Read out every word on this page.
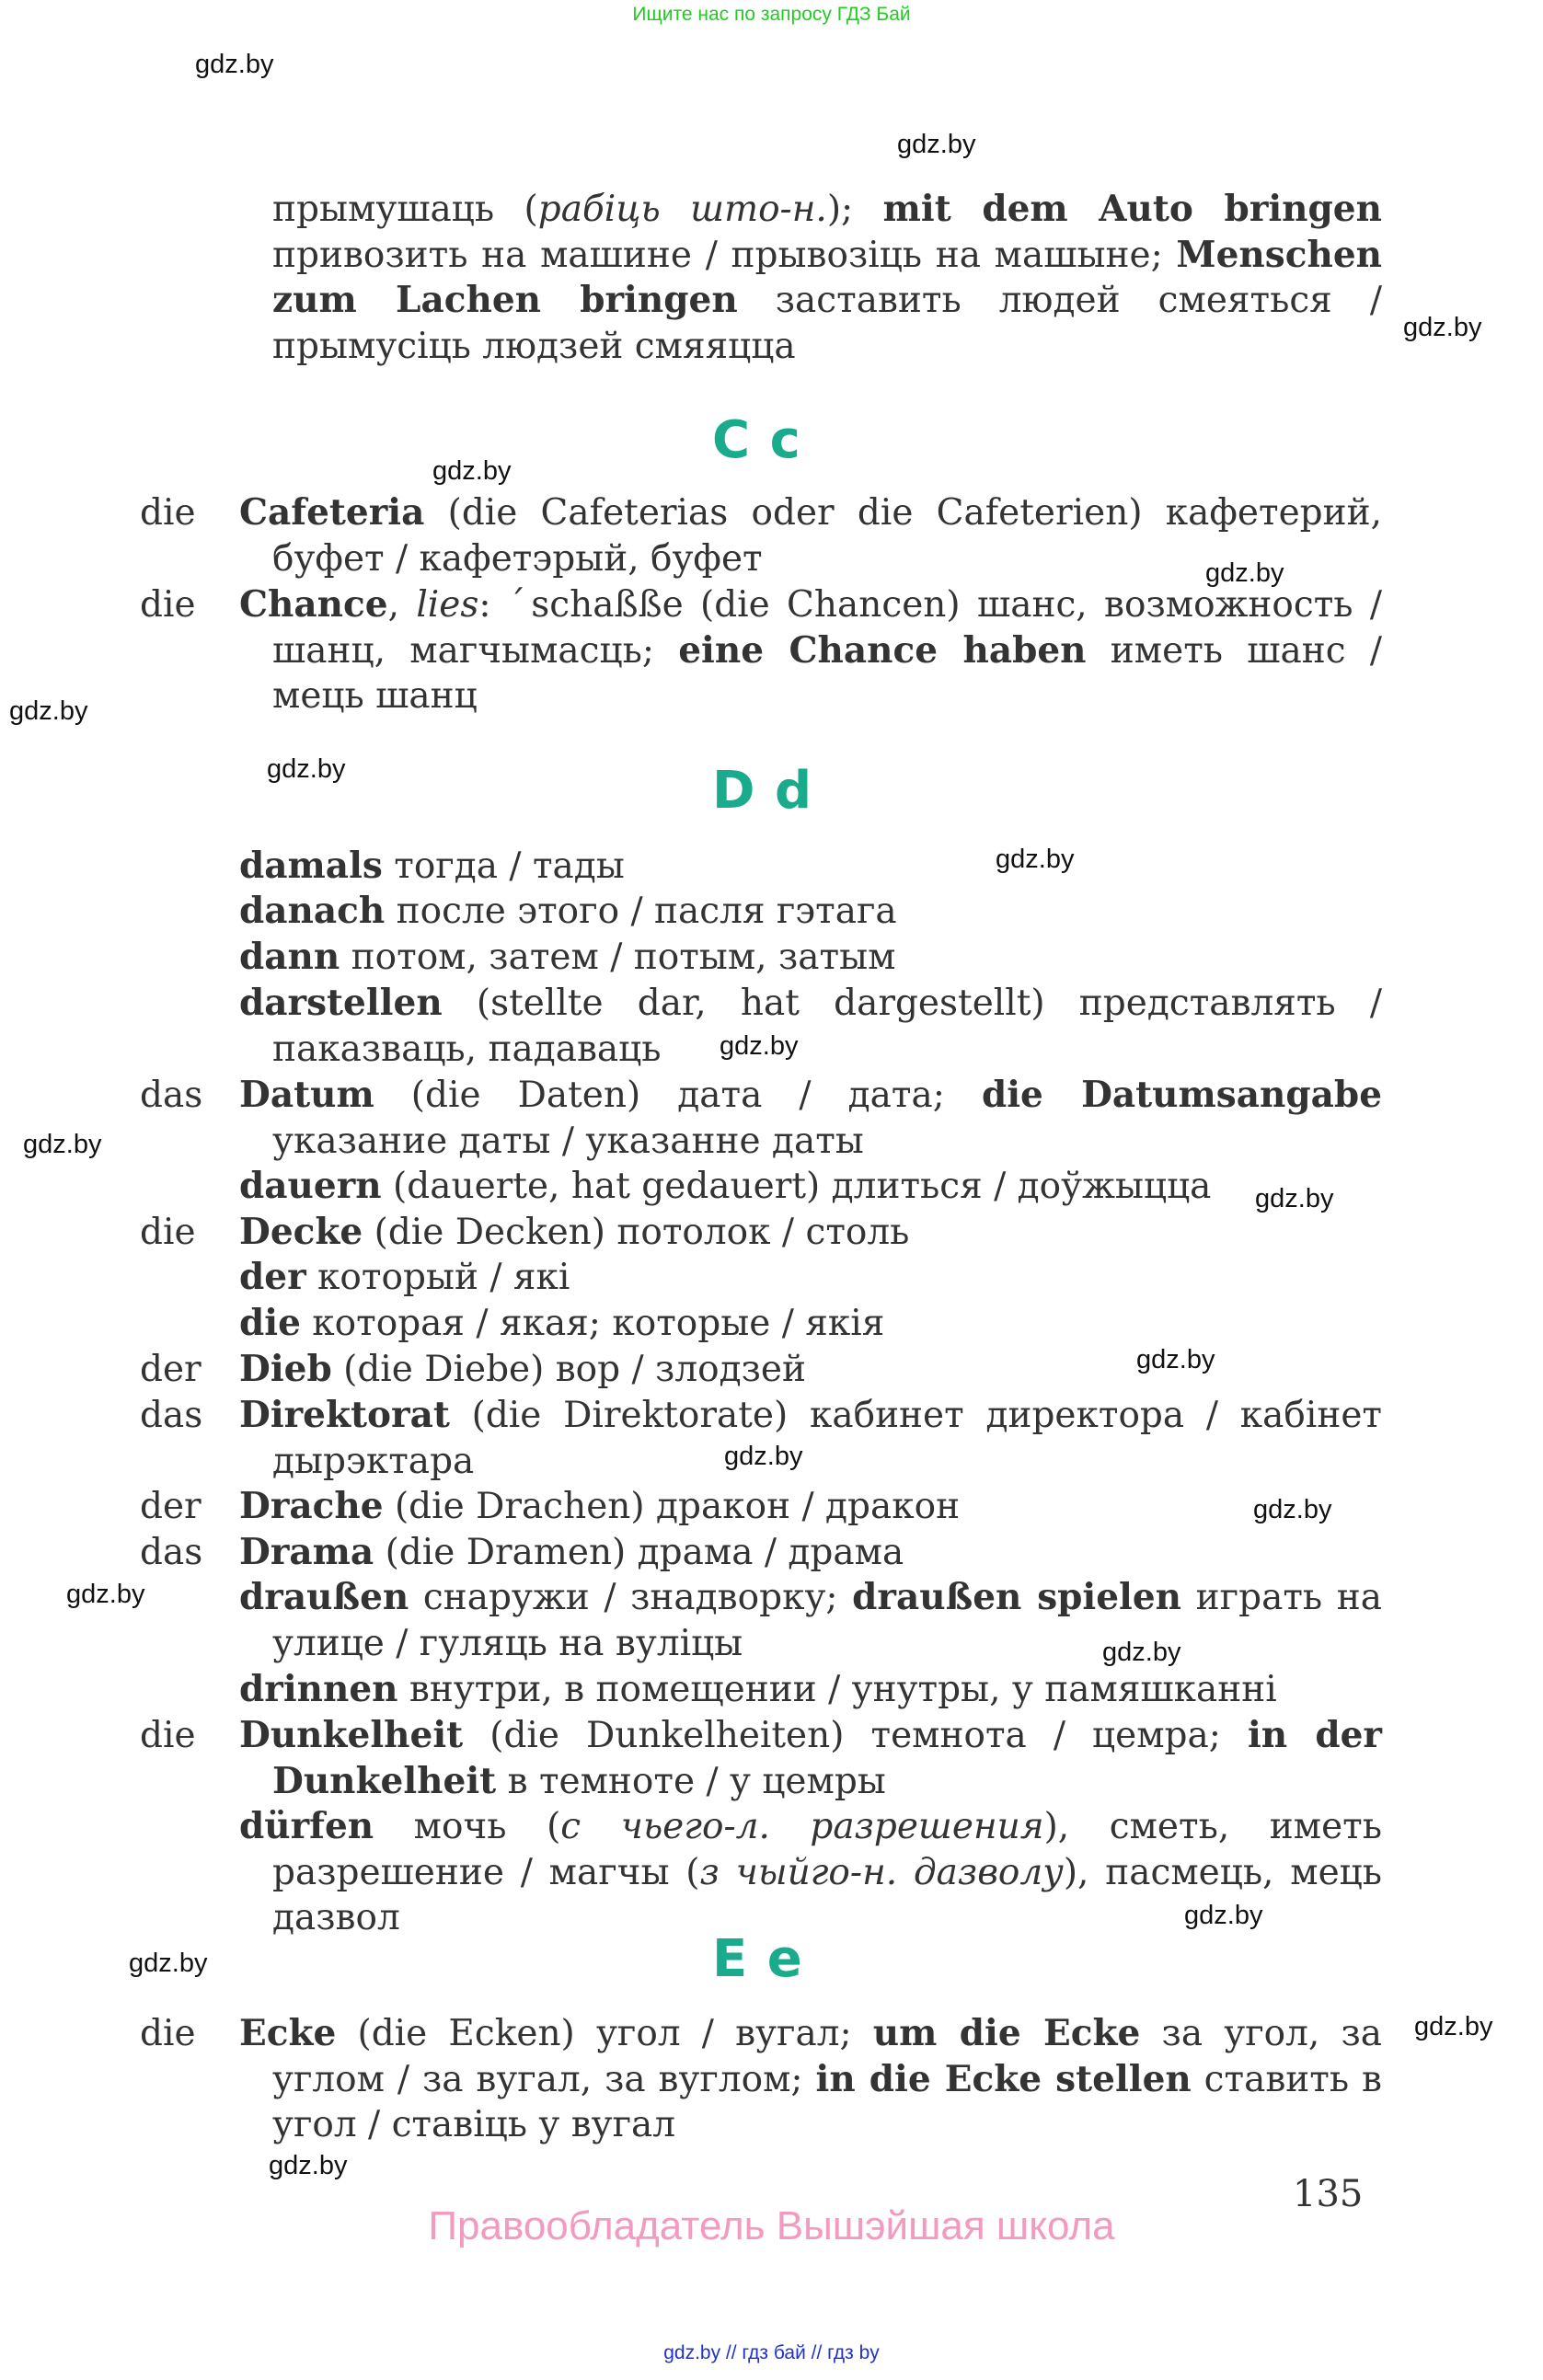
Ищите нас по запросу ГДЗ Бай
gdz.by
gdz.by
gdz.by
gdz.by
gdz.by
gdz.by
gdz.by
gdz.by
gdz.by
gdz.by
gdz.by
gdz.by
gdz.by
gdz.by
gdz.by
gdz.by
gdz.by
gdz.by
gdz.by
gdz.by
прымушаць (рабіць што-н.); mit dem Auto bringen привозить на машине / прывозіць на машыне; Menschen zum Lachen bringen заставить людей смеяться / прымусіць людзей смяяцца
C c
die Cafeteria (die Cafeterias oder die Cafeterien) кафетерий, буфет / кафетэрый, буфет
die Chance, lies: ˊschaßße (die Chancen) шанс, возможность / шанц, магчымасць; eine Chance haben иметь шанс / мець шанц
D d
damals тогда / тады
danach после этого / пасля гэтага
dann потом, затем / потым, затым
darstellen (stellte dar, hat dargestellt) представлять / паказваць, падаваць
das Datum (die Daten) дата / дата; die Datumsangabe указание даты / указанне даты
dauern (dauerte, hat gedauert) длиться / доўжыцца
die Decke (die Decken) потолок / столь
der который / які
die которая / якая; которые / якія
der Dieb (die Diebe) вор / злодзей
das Direktorat (die Direktorate) кабинет директора / кабінет дырэктара
der Drache (die Drachen) дракон / дракон
das Drama (die Dramen) драма / драма
draußen снаружи / знадворку; draußen spielen играть на улице / гуляць на вуліцы
drinnen внутри, в помещении / унутры, у памяшканні
die Dunkelheit (die Dunkelheiten) темнота / цемра; in der Dunkelheit в темноте / у цемры
dürfen мочь (с чьего-л. разрешения), сметь, иметь разрешение / магчы (з чыйго-н. дазволу), пасмець, мець дазвол
E e
die Ecke (die Ecken) угол / вугал; um die Ecke за угол, за углом / за вугал, за вуглом; in die Ecke stellen ставить в угол / ставіць у вугал
135
Правообладатель Вышэйшая школа
gdz.by // гдз бай // гдз by
